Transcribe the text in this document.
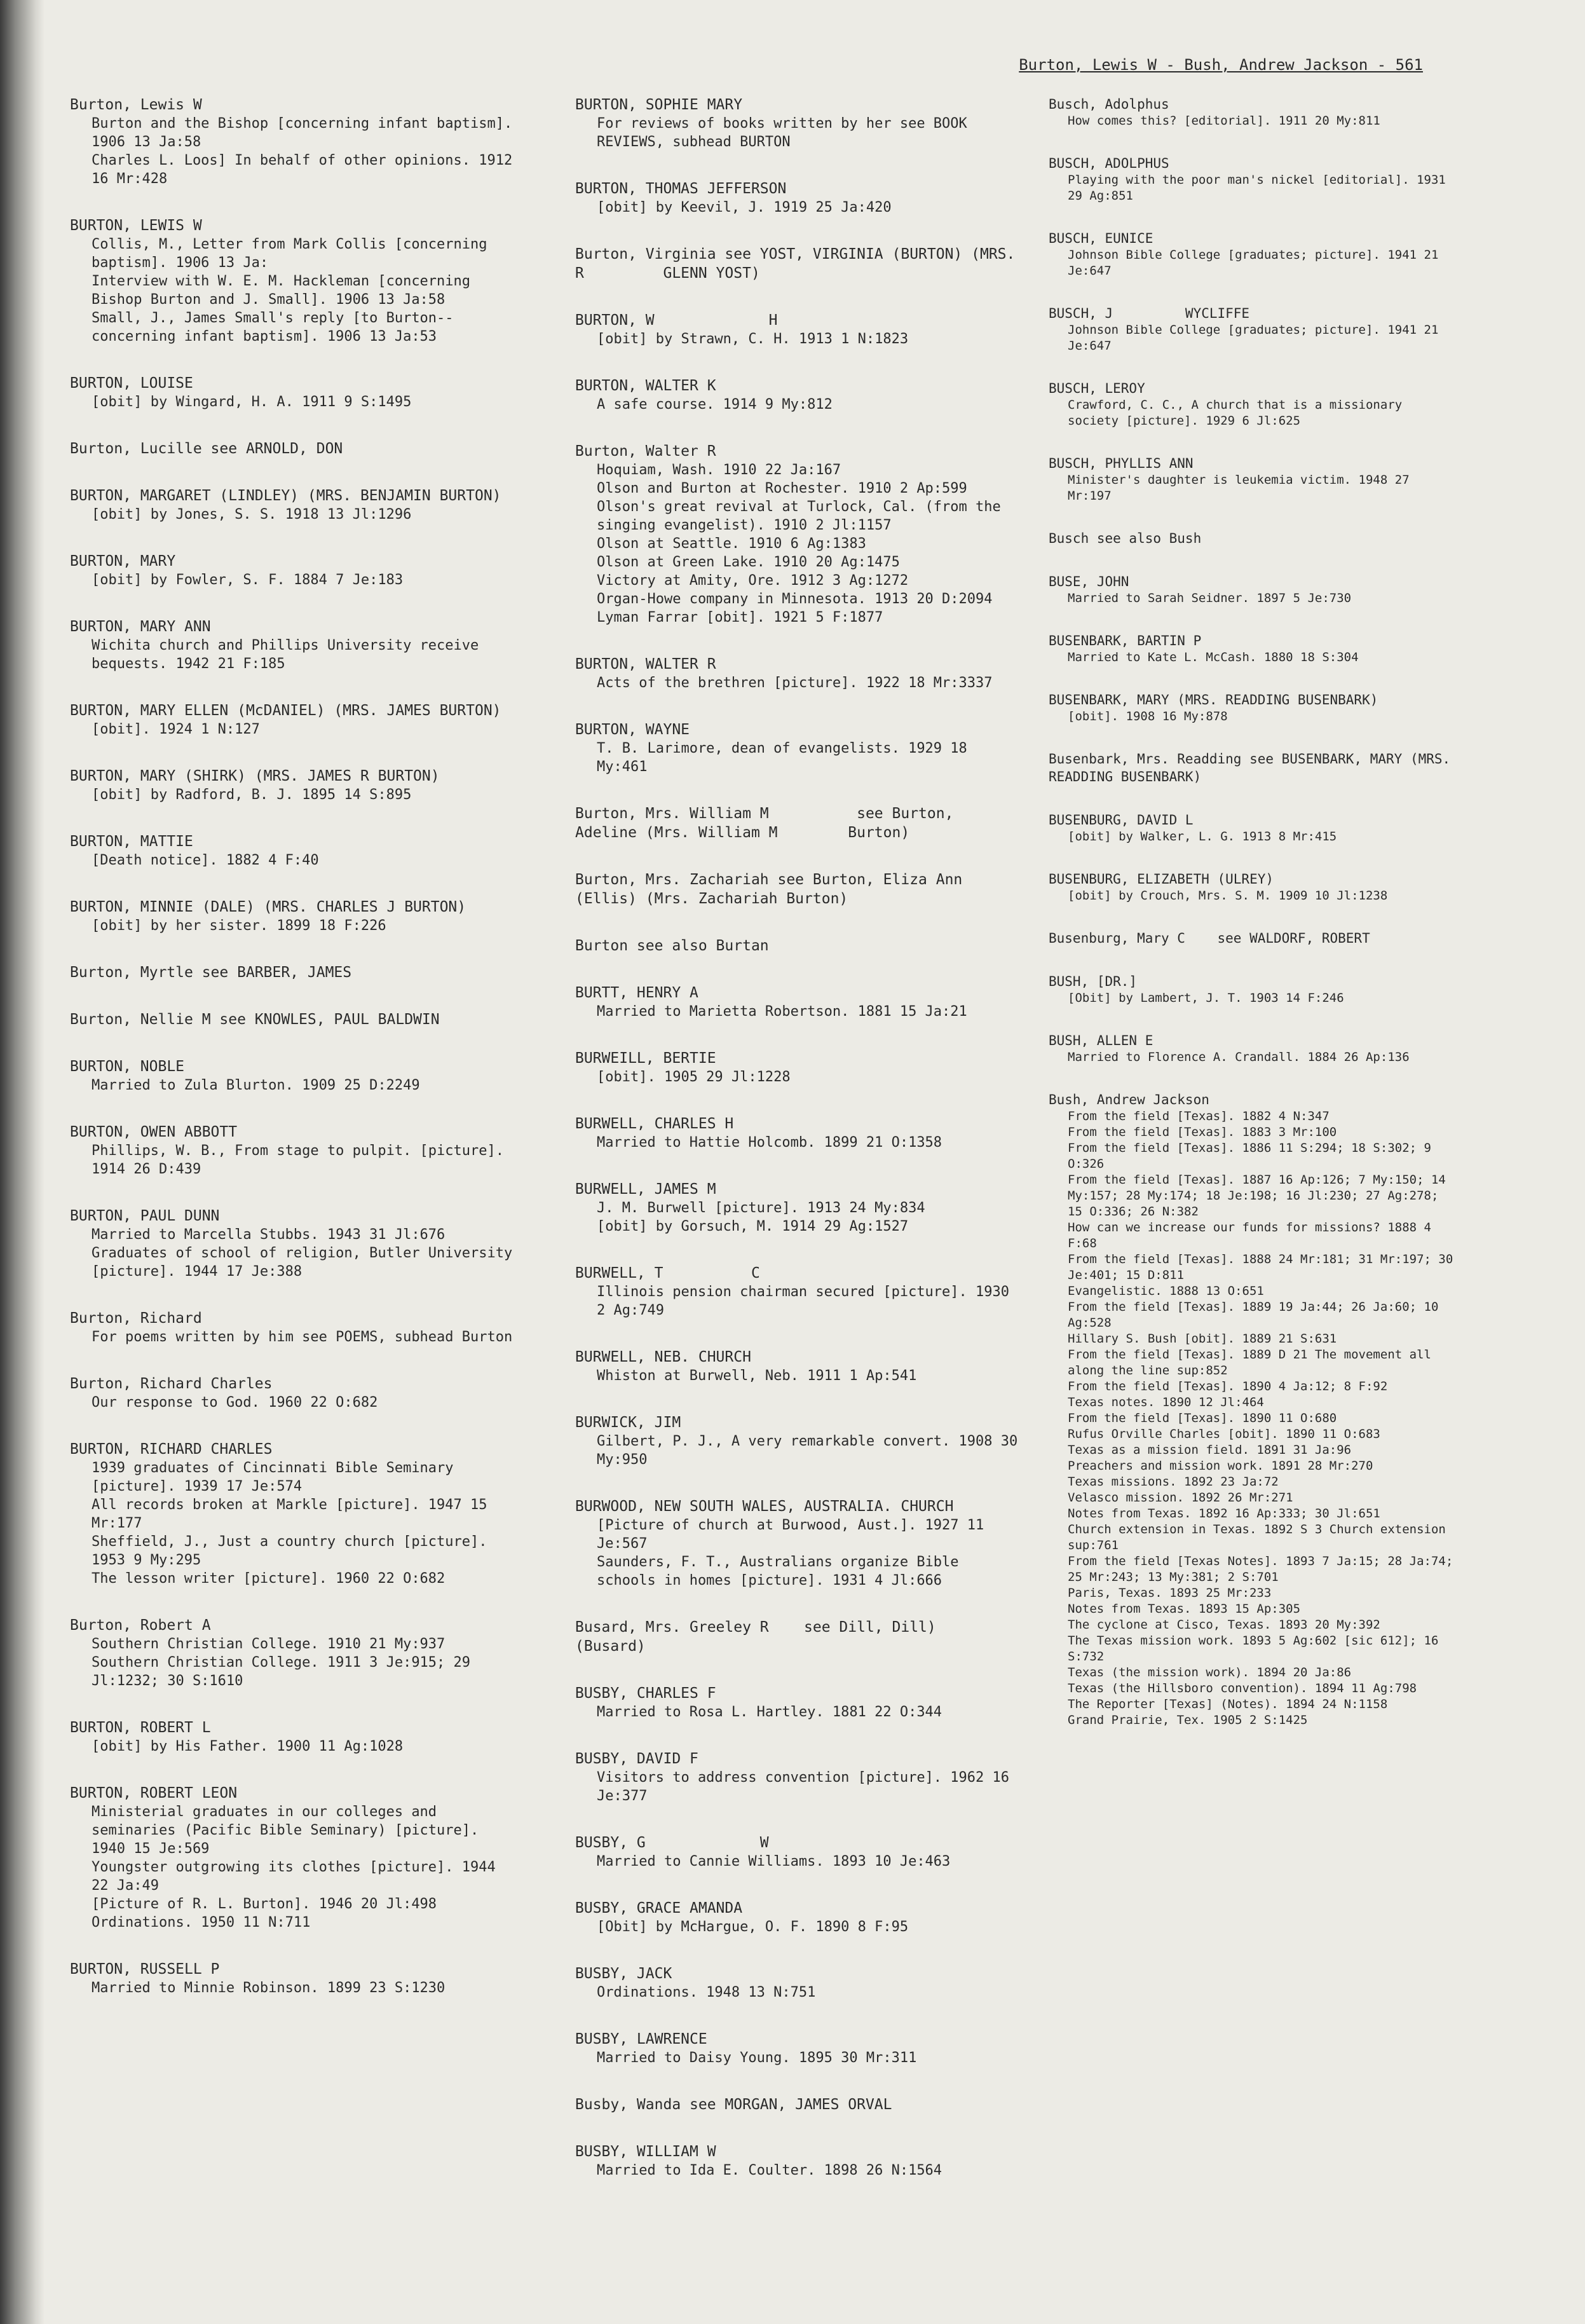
Burton, Lewis W - Bush, Andrew Jackson - 561
Burton, Lewis W
Burton and the Bishop [concerning infant baptism]. 1906 13 Ja:58
Charles L. Loos] In behalf of other opinions. 1912 16 Mr:428
BURTON, LEWIS W
Collis, M., Letter from Mark Collis [concerning baptism]. 1906 13 Ja:
Interview with W. E. M. Hackleman [concerning Bishop Burton and J. Small]. 1906 13 Ja:58
Small, J., James Small's reply [to Burton--concerning infant baptism]. 1906 13 Ja:53
BURTON, LOUISE
[obit] by Wingard, H. A. 1911 9 S:1495
Burton, Lucille see ARNOLD, DON
BURTON, MARGARET (LINDLEY) (MRS. BENJAMIN BURTON)
[obit] by Jones, S. S. 1918 13 Jl:1296
BURTON, MARY
[obit] by Fowler, S. F. 1884 7 Je:183
BURTON, MARY ANN
Wichita church and Phillips University receive bequests. 1942 21 F:185
BURTON, MARY ELLEN (McDANIEL) (MRS. JAMES BURTON)
[obit]. 1924 1 N:127
BURTON, MARY (SHIRK) (MRS. JAMES R BURTON)
[obit] by Radford, B. J. 1895 14 S:895
BURTON, MATTIE
[Death notice]. 1882 4 F:40
BURTON, MINNIE (DALE) (MRS. CHARLES J BURTON)
[obit] by her sister. 1899 18 F:226
Burton, Myrtle see BARBER, JAMES
Burton, Nellie M see KNOWLES, PAUL BALDWIN
BURTON, NOBLE
Married to Zula Blurton. 1909 25 D:2249
BURTON, OWEN ABBOTT
Phillips, W. B., From stage to pulpit. [picture]. 1914 26 D:439
BURTON, PAUL DUNN
Married to Marcella Stubbs. 1943 31 Jl:676
Graduates of school of religion, Butler University [picture]. 1944 17 Je:388
Burton, Richard
For poems written by him see POEMS, subhead Burton
Burton, Richard Charles
Our response to God. 1960 22 O:682
BURTON, RICHARD CHARLES
1939 graduates of Cincinnati Bible Seminary [picture]. 1939 17 Je:574
All records broken at Markle [picture]. 1947 15 Mr:177
Sheffield, J., Just a country church [picture]. 1953 9 My:295
The lesson writer [picture]. 1960 22 O:682
Burton, Robert A
Southern Christian College. 1910 21 My:937
Southern Christian College. 1911 3 Je:915; 29 Jl:1232; 30 S:1610
BURTON, ROBERT L
[obit] by His Father. 1900 11 Ag:1028
BURTON, ROBERT LEON
Ministerial graduates in our colleges and seminaries (Pacific Bible Seminary) [picture]. 1940 15 Je:569
Youngster outgrowing its clothes [picture]. 1944 22 Ja:49
[Picture of R. L. Burton]. 1946 20 Jl:498
Ordinations. 1950 11 N:711
BURTON, RUSSELL P
Married to Minnie Robinson. 1899 23 S:1230
BURTON, SOPHIE MARY
For reviews of books written by her see BOOK REVIEWS, subhead BURTON
BURTON, THOMAS JEFFERSON
[obit] by Keevil, J. 1919 25 Ja:420
Burton, Virginia see YOST, VIRGINIA (BURTON) (MRS. R         GLENN YOST)
BURTON, W             H
[obit] by Strawn, C. H. 1913 1 N:1823
BURTON, WALTER K
A safe course. 1914 9 My:812
Burton, Walter R
Hoquiam, Wash. 1910 22 Ja:167
Olson and Burton at Rochester. 1910 2 Ap:599
Olson's great revival at Turlock, Cal. (from the singing evangelist). 1910 2 Jl:1157
Olson at Seattle. 1910 6 Ag:1383
Olson at Green Lake. 1910 20 Ag:1475
Victory at Amity, Ore. 1912 3 Ag:1272
Organ-Howe company in Minnesota. 1913 20 D:2094
Lyman Farrar [obit]. 1921 5 F:1877
BURTON, WALTER R
Acts of the brethren [picture]. 1922 18 Mr:3337
BURTON, WAYNE
T. B. Larimore, dean of evangelists. 1929 18 My:461
Burton, Mrs. William M          see Burton, Adeline (Mrs. William M        Burton)
Burton, Mrs. Zachariah see Burton, Eliza Ann (Ellis) (Mrs. Zachariah Burton)
Burton see also Burtan
BURTT, HENRY A
Married to Marietta Robertson. 1881 15 Ja:21
BURWEILL, BERTIE
[obit]. 1905 29 Jl:1228
BURWELL, CHARLES H
Married to Hattie Holcomb. 1899 21 O:1358
BURWELL, JAMES M
J. M. Burwell [picture]. 1913 24 My:834
[obit] by Gorsuch, M. 1914 29 Ag:1527
BURWELL, T          C
Illinois pension chairman secured [picture]. 1930 2 Ag:749
BURWELL, NEB. CHURCH
Whiston at Burwell, Neb. 1911 1 Ap:541
BURWICK, JIM
Gilbert, P. J., A very remarkable convert. 1908 30 My:950
BURWOOD, NEW SOUTH WALES, AUSTRALIA. CHURCH
[Picture of church at Burwood, Aust.]. 1927 11 Je:567
Saunders, F. T., Australians organize Bible schools in homes [picture]. 1931 4 Jl:666
Busard, Mrs. Greeley R    see Dill, Dill)        (Busard)
BUSBY, CHARLES F
Married to Rosa L. Hartley. 1881 22 O:344
BUSBY, DAVID F
Visitors to address convention [picture]. 1962 16 Je:377
BUSBY, G             W
Married to Cannie Williams. 1893 10 Je:463
BUSBY, GRACE AMANDA
[Obit] by McHargue, O. F. 1890 8 F:95
BUSBY, JACK
Ordinations. 1948 13 N:751
BUSBY, LAWRENCE
Married to Daisy Young. 1895 30 Mr:311
Busby, Wanda see MORGAN, JAMES ORVAL
BUSBY, WILLIAM W
Married to Ida E. Coulter. 1898 26 N:1564
Busch, Adolphus
How comes this? [editorial]. 1911 20 My:811
BUSCH, ADOLPHUS
Playing with the poor man's nickel [editorial]. 1931 29 Ag:851
BUSCH, EUNICE
Johnson Bible College [graduates; picture]. 1941 21 Je:647
BUSCH, J         WYCLIFFE
Johnson Bible College [graduates; picture]. 1941 21 Je:647
BUSCH, LEROY
Crawford, C. C., A church that is a missionary society [picture]. 1929 6 Jl:625
BUSCH, PHYLLIS ANN
Minister's daughter is leukemia victim. 1948 27 Mr:197
Busch see also Bush
BUSE, JOHN
Married to Sarah Seidner. 1897 5 Je:730
BUSENBARK, BARTIN P
Married to Kate L. McCash. 1880 18 S:304
BUSENBARK, MARY (MRS. READDING BUSENBARK)
[obit]. 1908 16 My:878
Busenbark, Mrs. Readding see BUSENBARK, MARY (MRS. READDING BUSENBARK)
BUSENBURG, DAVID L
[obit] by Walker, L. G. 1913 8 Mr:415
BUSENBURG, ELIZABETH (ULREY)
[obit] by Crouch, Mrs. S. M. 1909 10 Jl:1238
Busenburg, Mary C    see WALDORF, ROBERT
BUSH, [DR.]
[Obit] by Lambert, J. T. 1903 14 F:246
BUSH, ALLEN E
Married to Florence A. Crandall. 1884 26 Ap:136
Bush, Andrew Jackson
From the field [Texas]. 1882 4 N:347
From the field [Texas]. 1883 3 Mr:100
From the field [Texas]. 1886 11 S:294; 18 S:302; 9 O:326
From the field [Texas]. 1887 16 Ap:126; 7 My:150; 14 My:157; 28 My:174; 18 Je:198; 16 Jl:230; 27 Ag:278; 15 O:336; 26 N:382
How can we increase our funds for missions? 1888 4 F:68
From the field [Texas]. 1888 24 Mr:181; 31 Mr:197; 30 Je:401; 15 D:811
Evangelistic. 1888 13 O:651
From the field [Texas]. 1889 19 Ja:44; 26 Ja:60; 10 Ag:528
Hillary S. Bush [obit]. 1889 21 S:631
From the field [Texas]. 1889 D 21 The movement all along the line sup:852
From the field [Texas]. 1890 4 Ja:12; 8 F:92
Texas notes. 1890 12 Jl:464
From the field [Texas]. 1890 11 O:680
Rufus Orville Charles [obit]. 1890 11 O:683
Texas as a mission field. 1891 31 Ja:96
Preachers and mission work. 1891 28 Mr:270
Texas missions. 1892 23 Ja:72
Velasco mission. 1892 26 Mr:271
Notes from Texas. 1892 16 Ap:333; 30 Jl:651
Church extension in Texas. 1892 S 3 Church extension sup:761
From the field [Texas Notes]. 1893 7 Ja:15; 28 Ja:74; 25 Mr:243; 13 My:381; 2 S:701
Paris, Texas. 1893 25 Mr:233
Notes from Texas. 1893 15 Ap:305
The cyclone at Cisco, Texas. 1893 20 My:392
The Texas mission work. 1893 5 Ag:602 [sic 612]; 16 S:732
Texas (the mission work). 1894 20 Ja:86
Texas (the Hillsboro convention). 1894 11 Ag:798
The Reporter [Texas] (Notes). 1894 24 N:1158
Grand Prairie, Tex. 1905 2 S:1425
